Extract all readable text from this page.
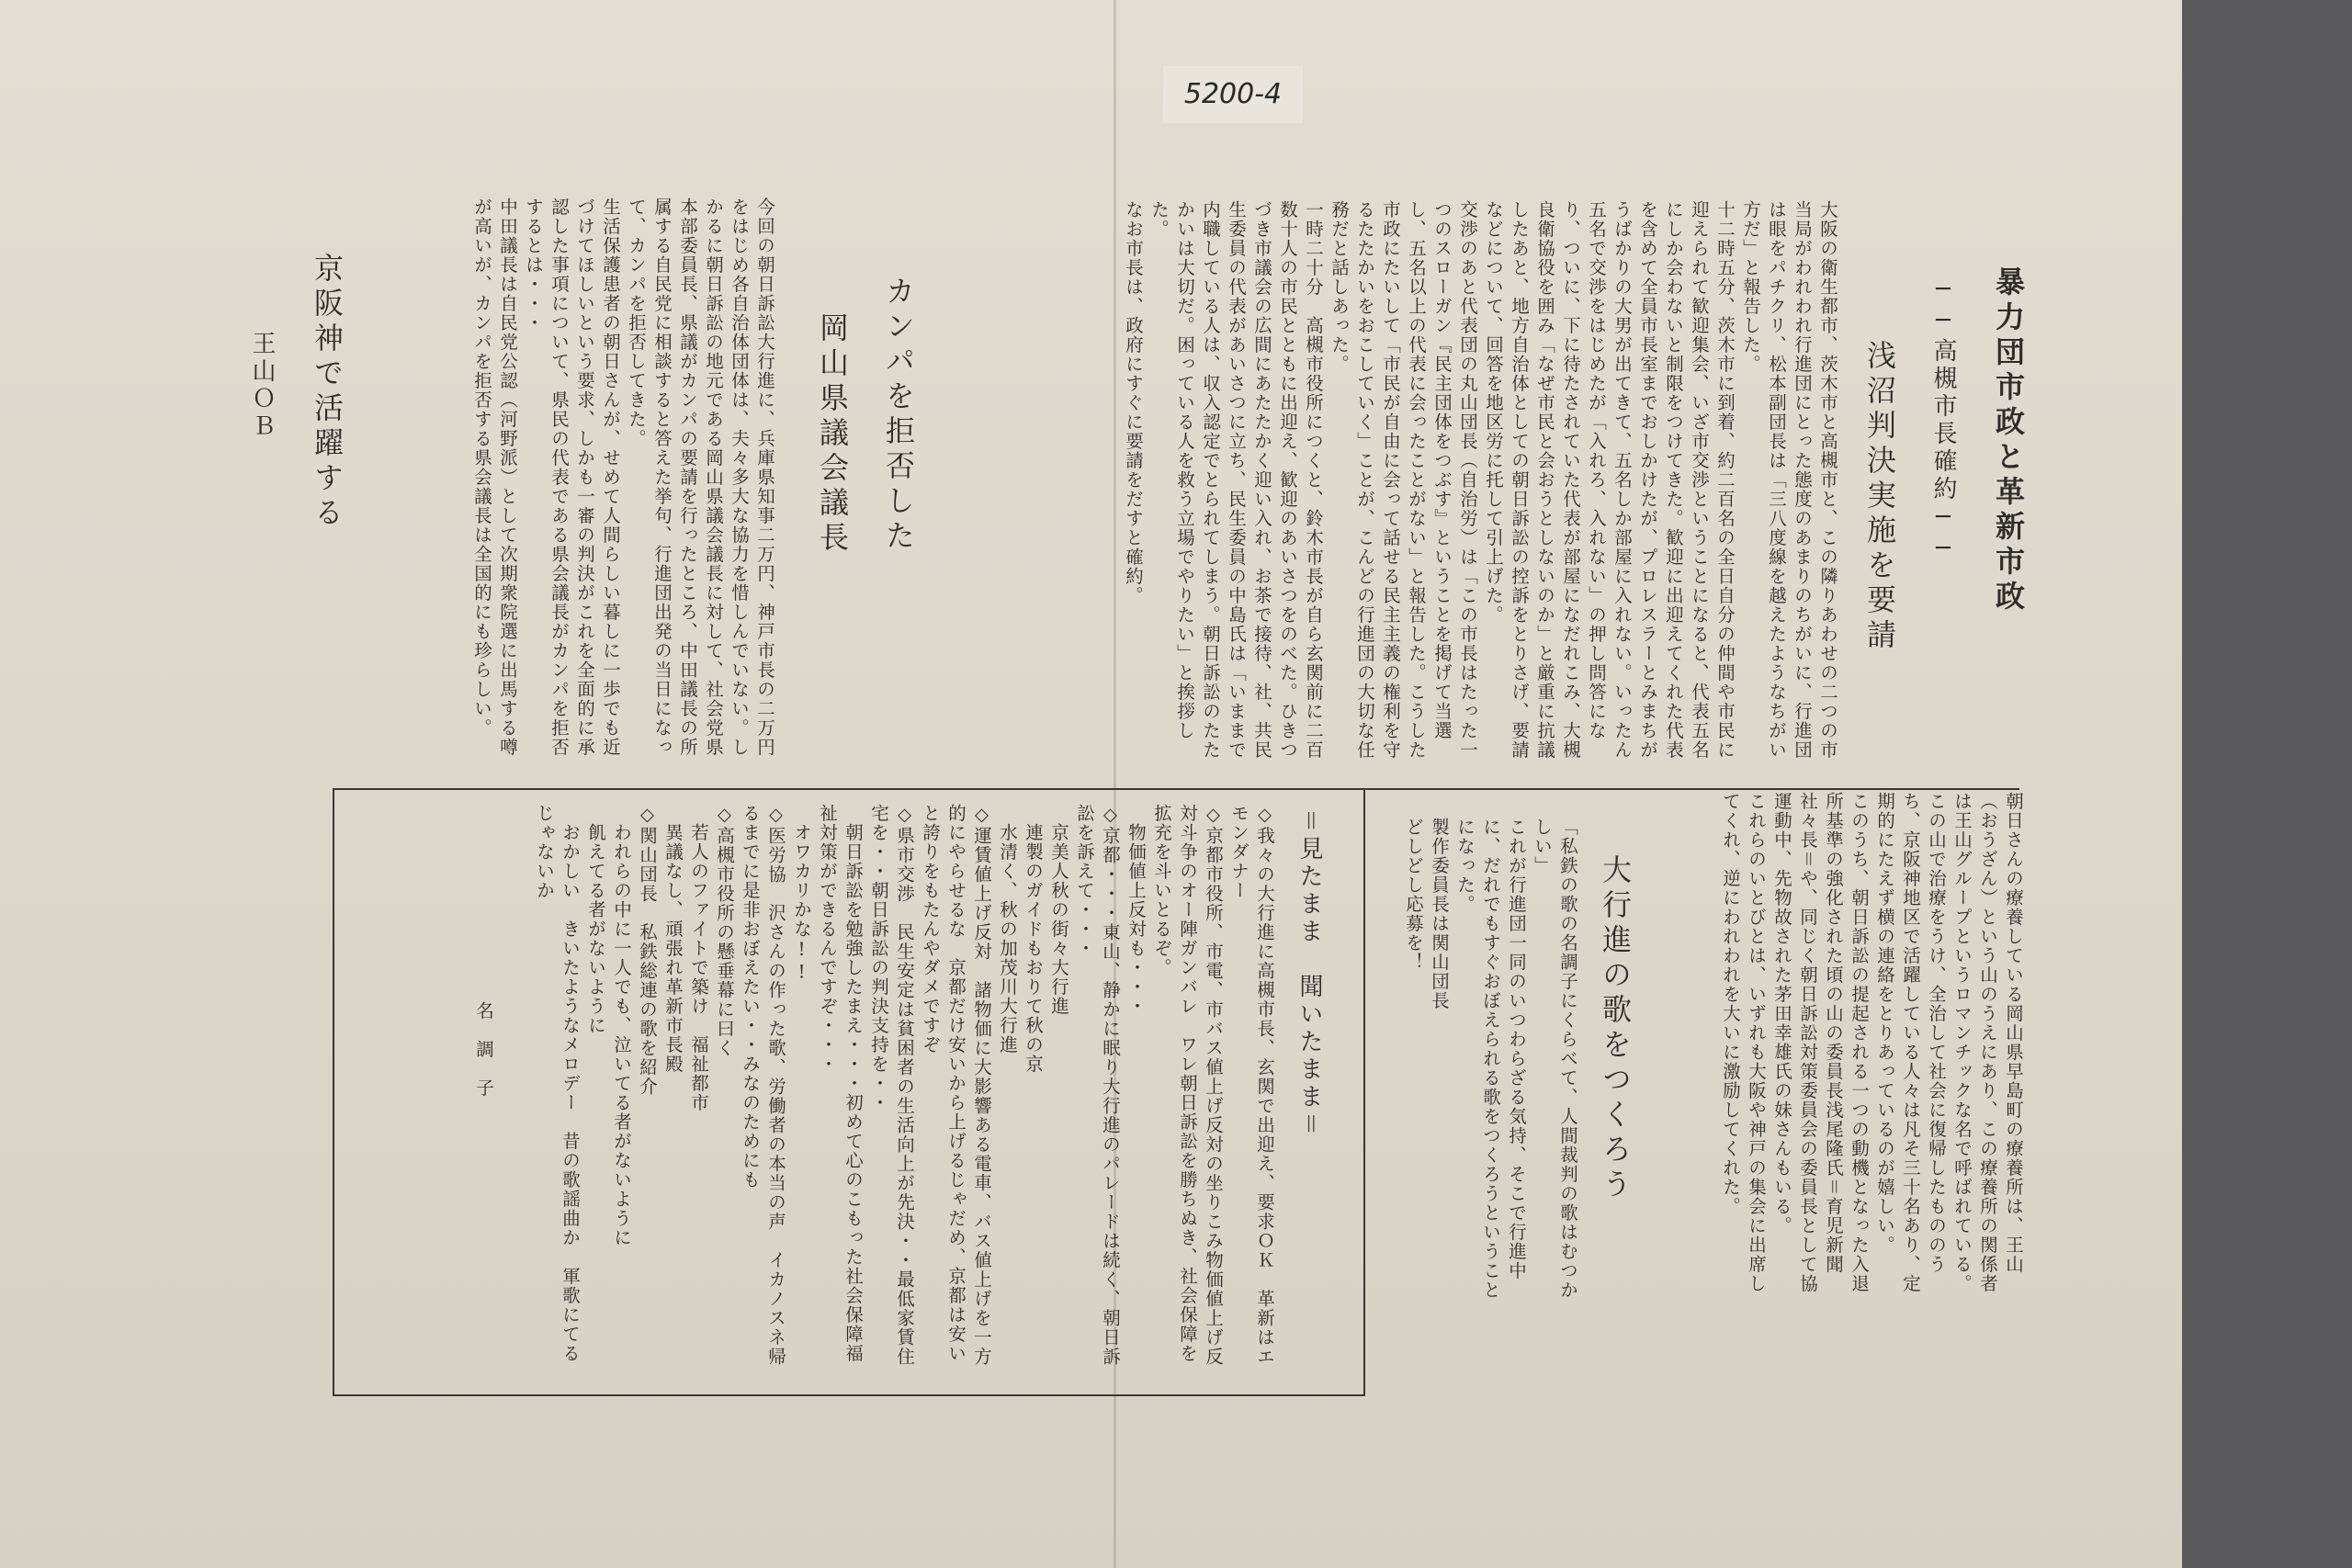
5200-4
暴力団市政と革新市政
──高槻市長確約──
浅沼判決実施を要請
大阪の衛生都市、茨木市と高槻市と、この隣りあわせの二つの市当局がわれわれ行進団にとった態度のあまりのちがいに、行進団は眼をパチクリ、松本副団長は「三八度線を越えたようなちがい方だ」と報告した。
十二時五分、茨木市に到着、約二百名の全日自分の仲間や市民に迎えられて歓迎集会、いざ市交渉ということになると、代表五名にしか会わないと制限をつけてきた。歓迎に出迎えてくれた代表を含めて全員市長室までおしかけたが、プロレスラーとみまちがうばかりの大男が出てきて、五名しか部屋に入れない。いったん五名で交渉をはじめたが「入れろ、入れない」の押し問答になり、ついに、下に待たされていた代表が部屋になだれこみ、大槻良衛協役を囲み「なぜ市民と会おうとしないのか」と厳重に抗議したあと、地方自治体としての朝日訴訟の控訴をとりさげ、要請などについて、回答を地区労に托して引上げた。
交渉のあと代表団の丸山団長（自治労）は「この市長はたった一つのスローガン『民主団体をつぶす』ということを掲げて当選し、五名以上の代表に会ったことがない」と報告した。こうした市政にたいして「市民が自由に会って話せる民主主義の権利を守るたたかいをおこしていく」ことが、こんどの行進団の大切な任務だと話しあった。
一時二十分　高槻市役所につくと、鈴木市長が自ら玄関前に二百数十人の市民とともに出迎え、歓迎のあいさつをのべた。ひきつづき市議会の広間にあたたかく迎い入れ、お茶で接待、社、共民生委員の代表があいさつに立ち、民生委員の中島氏は「いままで内職している人は、収入認定でとられてしまう。朝日訴訟のたたかいは大切だ。困っている人を救う立場でやりたい」と挨拶した。
なお市長は、政府にすぐに要請をだすと確約。
カンパを拒否した
岡山県議会議長
今回の朝日訴訟大行進に、兵庫県知事二万円、神戸市長の二万円をはじめ各自治体団体は、夫々多大な協力を惜しんでいない。しかるに朝日訴訟の地元である岡山県議会議長に対して、社会党県本部委員長、県議がカンパの要請を行ったところ、中田議長の所属する自民党に相談すると答えた挙句、行進団出発の当日になって、カンパを拒否してきた。
生活保護患者の朝日さんが、せめて人間らしい暮しに一歩でも近づけてほしいという要求、しかも一審の判決がこれを全面的に承認した事項について、県民の代表である県会議長がカンパを拒否するとは・・・
中田議長は自民党公認（河野派）として次期衆院選に出馬する噂が高いが、カンパを拒否する県会議長は全国的にも珍らしい。
京阪神で活躍する
王山ＯＢ
朝日さんの療養している岡山県早島町の療養所は、王山（おうざん）という山のうえにあり、この療養所の関係者は王山グループというロマンチックな名で呼ばれている。
この山で治療をうけ、全治して社会に復帰したもののうち、京阪神地区で活躍している人々は凡そ三十名あり、定期的にたえず横の連絡をとりあっているのが嬉しい。
このうち、朝日訴訟の提起される一つの動機となった入退所基準の強化された頃の山の委員長浅尾隆氏＝育児新聞社々長＝や、同じく朝日訴訟対策委員会の委員長として協運動中、先物故された茅田幸雄氏の妹さんもいる。
これらのいとびとは、いずれも大阪や神戸の集会に出席してくれ、逆にわれわれを大いに激励してくれた。
大行進の歌をつくろう
「私鉄の歌の名調子にくらべて、人間裁判の歌はむつかしい」
これが行進団一同のいつわらざる気持、そこで行進中に、だれでもすぐおぼえられる歌をつくろうということになった。
製作委員長は関山団長
どしどし応募を！
＝見たまま　聞いたまま＝
◇我々の大行進に高槻市長、玄関で出迎え、要求ＯＫ　革新はエモンダナー
◇京都市役所、市電、市バス値上げ反対の坐りこみ物価値上げ反対斗争のオー陣ガンバレ　ワレ朝日訴訟を勝ちぬき、社会保障を拡充を斗いとるぞ。
　物価値上反対も・・・
◇京都・・・東山、静かに眠り大行進のパレードは続く、朝日訴訟を訴えて・・・
　京美人秋の街々大行進
　連製のガイドもおりて秋の京
　水清く、秋の加茂川大行進
◇運賃値上げ反対　諸物価に大影響ある電車、バス値上げを一方的にやらせるな　京都だけ安いから上げるじゃだめ、京都は安いと誇りをもたんやダメですぞ
◇県市交渉　民生安定は貧困者の生活向上が先決・・最低家賃住宅を・・朝日訴訟の判決支持を・・
　朝日訴訟を勉強したまえ・・・初めて心のこもった社会保障福祉対策ができるんですぞ・・・
　オワカリかな!!
◇医労協　沢さんの作った歌、労働者の本当の声　イカノスネ帰るまでに是非おぼえたい・・みなのためにも
◇高槻市役所の懸垂幕に曰く
　若人のファイトで築け　福祉都市
　異議なし、頑張れ革新市長殿
◇関山団長　私鉄総連の歌を紹介
　われらの中に一人でも、泣いてる者がないように
　飢えてる者がないように
　おかしい　きいたようなメロデー　昔の歌謡曲か　軍歌にてるじゃないか
名　調　子
